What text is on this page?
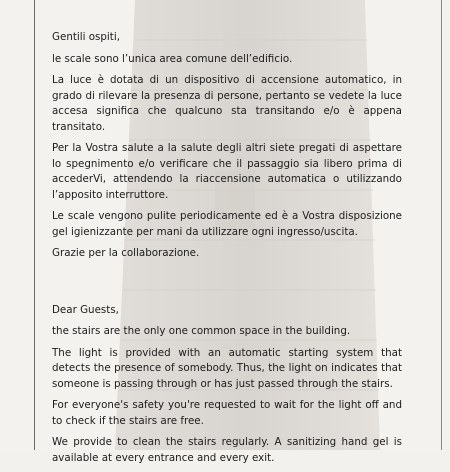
Gentili ospiti,

le scale sono l’unica area comune dell’edificio.

La luce è dotata di un dispositivo di accensione automatico, in grado di rilevare la presenza di persone, pertanto se vedete la luce accesa significa che qualcuno sta transitando e/o è appena transitato.

Per la Vostra salute a la salute degli altri siete pregati di aspettare lo spegnimento e/o verificare che il passaggio sia libero prima di accederVi, attendendo la riaccensione automatica o utilizzando l’apposito interruttore.

Le scale vengono pulite periodicamente ed è a Vostra disposizione gel igienizzante per mani da utilizzare ogni ingresso/uscita.

Grazie per la collaborazione.

Dear Guests,

the stairs are the only one common space in the building.

The light is provided with an automatic starting system that detects the presence of somebody. Thus, the light on indicates that someone is passing through or has just passed through the stairs.

For everyone's safety you're requested to wait for the light off and to check if the stairs are free.

We provide to clean the stairs regularly. A sanitizing hand gel is available at every entrance and every exit.
